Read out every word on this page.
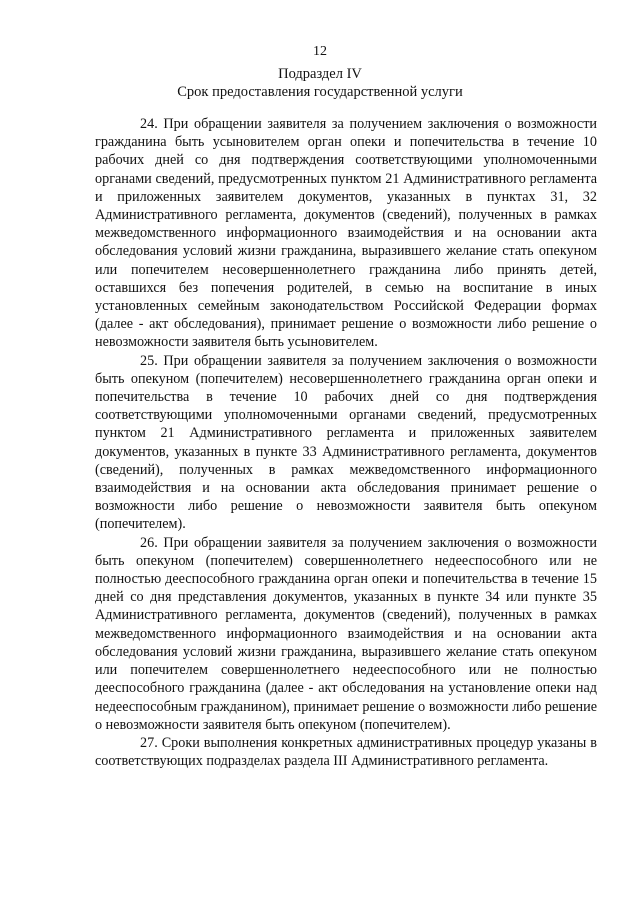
12
Подраздел IV
Срок предоставления государственной услуги

24. При обращении заявителя за получением заключения о возможности гражданина быть усыновителем орган опеки и попечительства в течение 10 рабочих дней со дня подтверждения соответствующими уполномоченными органами сведений, предусмотренных пунктом 21 Административного регламента и приложенных заявителем документов, указанных в пунктах 31, 32 Административного регламента, документов (сведений), полученных в рамках межведомственного информационного взаимодействия и на основании акта обследования условий жизни гражданина, выразившего желание стать опекуном или попечителем несовершеннолетнего гражданина либо принять детей, оставшихся без попечения родителей, в семью на воспитание в иных установленных семейным законодательством Российской Федерации формах (далее - акт обследования), принимает решение о возможности либо решение о невозможности заявителя быть усыновителем.

25. При обращении заявителя за получением заключения о возможности быть опекуном (попечителем) несовершеннолетнего гражданина орган опеки и попечительства в течение 10 рабочих дней со дня подтверждения соответствующими уполномоченными органами сведений, предусмотренных пунктом 21 Административного регламента и приложенных заявителем документов, указанных в пункте 33 Административного регламента, документов (сведений), полученных в рамках межведомственного информационного взаимодействия и на основании акта обследования принимает решение о возможности либо решение о невозможности заявителя быть опекуном (попечителем).

26. При обращении заявителя за получением заключения о возможности быть опекуном (попечителем) совершеннолетнего недееспособного или не полностью дееспособного гражданина орган опеки и попечительства в течение 15 дней со дня представления документов, указанных в пункте 34 или пункте 35 Административного регламента, документов (сведений), полученных в рамках межведомственного информационного взаимодействия и на основании акта обследования условий жизни гражданина, выразившего желание стать опекуном или попечителем совершеннолетнего недееспособного или не полностью дееспособного гражданина (далее - акт обследования на установление опеки над недееспособным гражданином), принимает решение о возможности либо решение о невозможности заявителя быть опекуном (попечителем).

27. Сроки выполнения конкретных административных процедур указаны в соответствующих подразделах раздела III Административного регламента.
